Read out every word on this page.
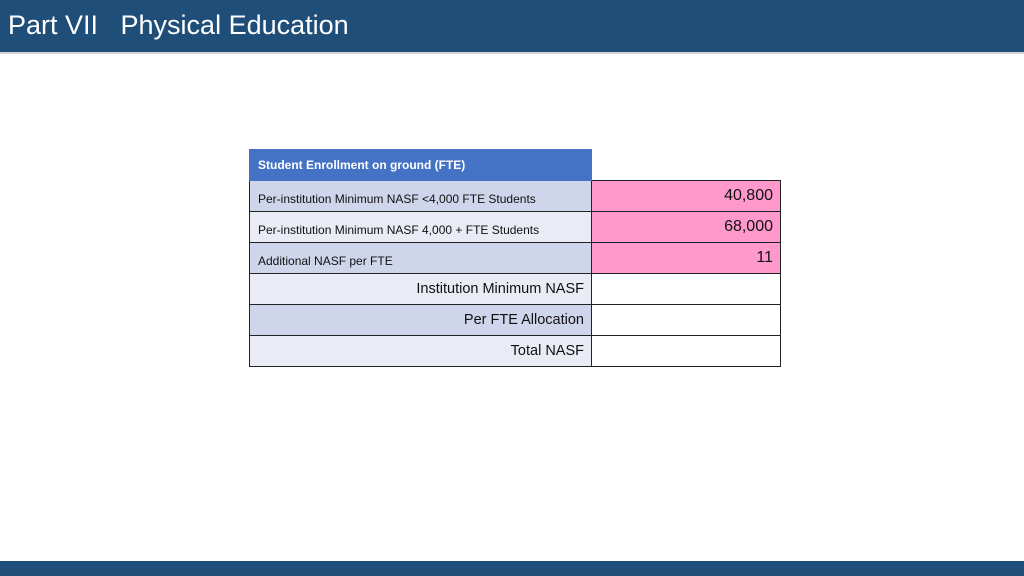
Part VII   Physical Education
Student Enrollment on ground (FTE)	
Per-institution Minimum NASF <4,000 FTE Students	40,800
Per-institution Minimum NASF 4,000 + FTE Students	68,000
Additional NASF per FTE	11
Institution Minimum NASF	
Per FTE Allocation	
Total NASF	
